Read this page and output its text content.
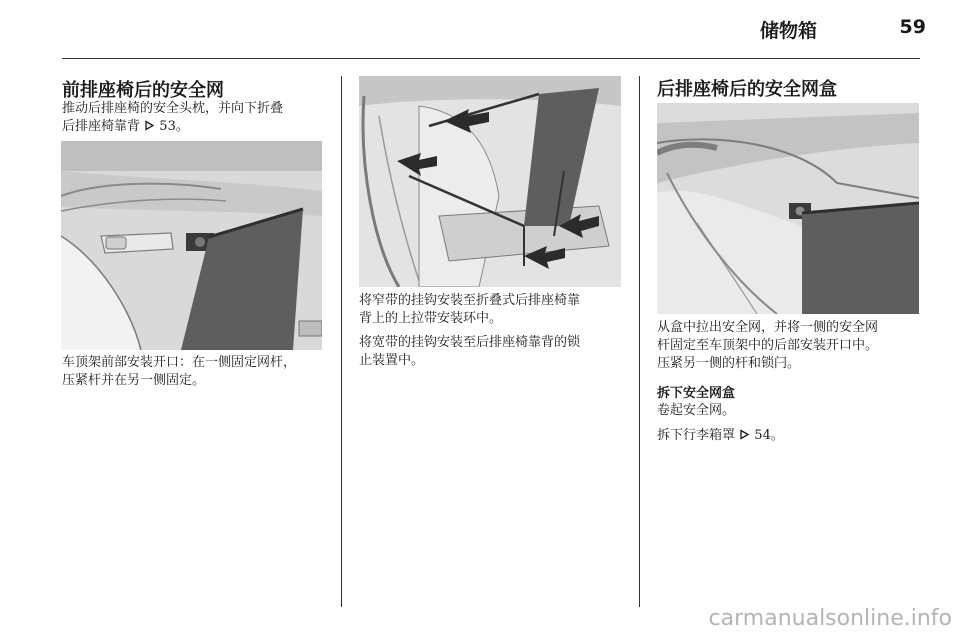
储物箱	59
前排座椅后的安全网
推动后排座椅的安全头枕，并向下折叠
后排座椅靠背 53。
车顶架前部安装开口：在一侧固定网杆，
压紧杆并在另一侧固定。
将窄带的挂钩安装至折叠式后排座椅靠
背上的上拉带安装环中。
将宽带的挂钩安装至后排座椅靠背的锁
止装置中。
后排座椅后的安全网盒
从盒中拉出安全网，并将一侧的安全网
杆固定至车顶架中的后部安装开口中。
压紧另一侧的杆和锁闩。
拆下安全网盒
卷起安全网。
拆下行李箱罩 54。
carmanualsonline.info
